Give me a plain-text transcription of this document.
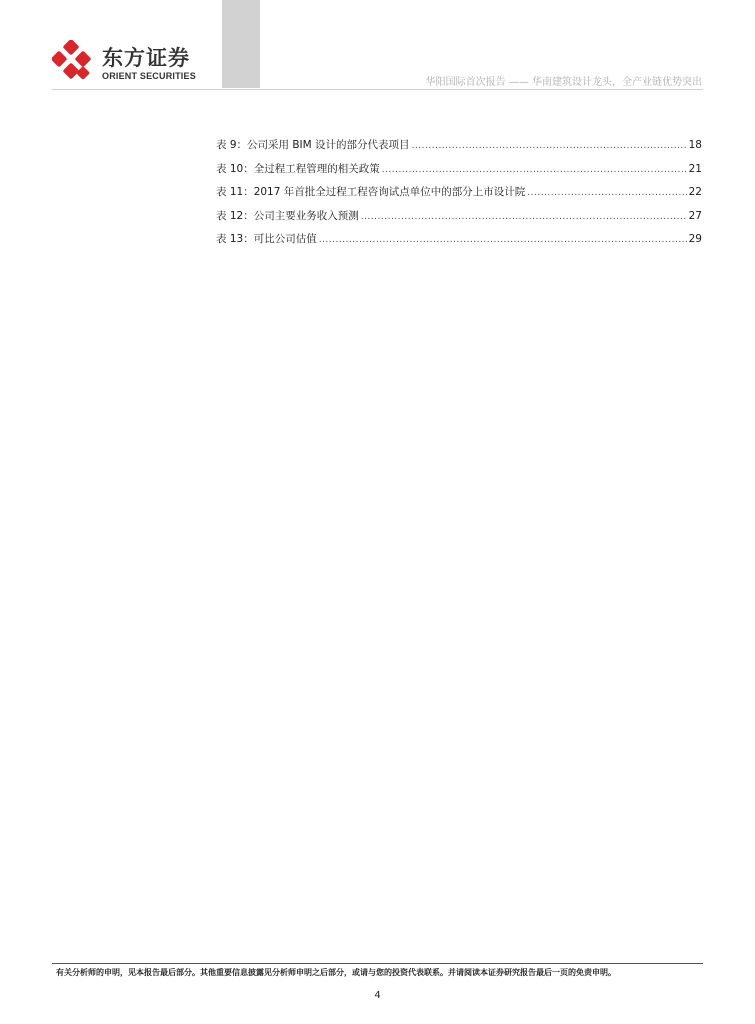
东方证券
ORIENT SECURITIES
华阳国际首次报告 —— 华南建筑设计龙头，全产业链优势突出
表 9：公司采用 BIM 设计的部分代表项目 .....	18
表 10：全过程工程管理的相关政策 .....	21
表 11：2017 年首批全过程工程咨询试点单位中的部分上市设计院 .....	22
表 12：公司主要业务收入预测 .....	27
表 13：可比公司估值 .....	29
有关分析师的申明，见本报告最后部分。其他重要信息披露见分析师申明之后部分，或请与您的投资代表联系。并请阅读本证券研究报告最后一页的免责申明。
4
